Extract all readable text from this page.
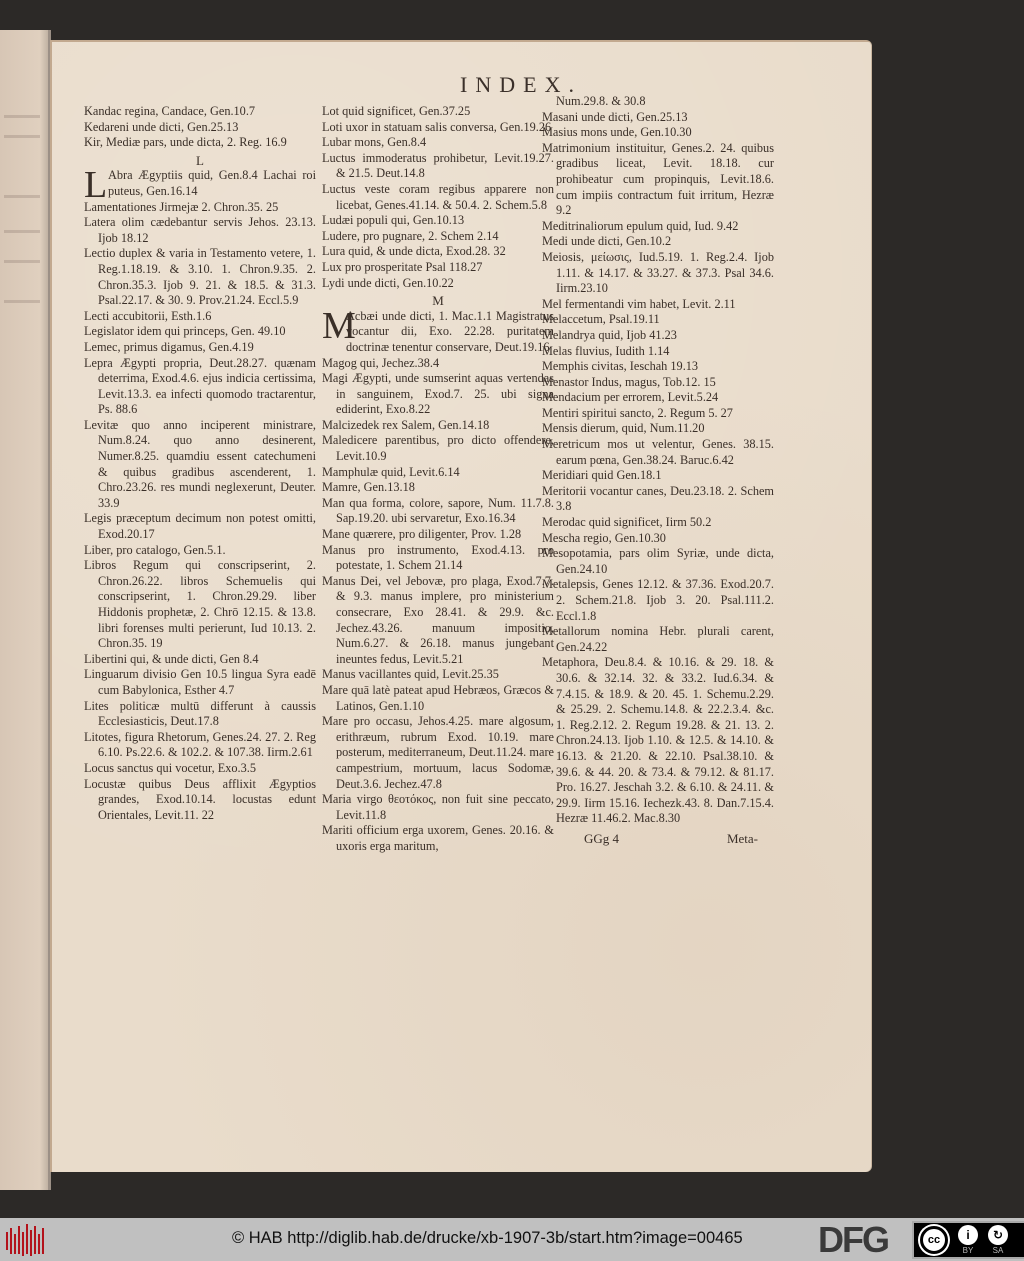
INDEX.
Kandac regina, Candace, Gen.10.7
Kedareni unde dicti, Gen.25.13
Kir, Mediæ pars, unde dicta, 2. Reg. 16.9
L
L Abra Ægyptiis quid, Gen.8.4 Lachai roi puteus, Gen.16.14
Lamentationes Jirmejæ 2. Chron.35. 25
Latera olim cædebantur servis Jehos. 23.13. Ijob 18.12
Lectio duplex & varia in Testamento vetere, 1. Reg.1.18.19. & 3.10. 1. Chron.9.35. 2. Chron.35.3. Ijob 9. 21. & 18.5. & 31.3. Psal.22.17. & 30. 9. Prov.21.24. Eccl.5.9
Lecti accubitorii, Esth.1.6
Legislator idem qui princeps, Gen. 49.10
Lemec, primus digamus, Gen.4.19
Lepra Ægypti propria, Deut.28.27. quænam deterrima, Exod.4.6. ejus indicia certissima, Levit.13.3. ea infecti quomodo tractarentur, Ps. 88.6
Levitæ quo anno inciperent ministrare, Num.8.24. quo anno desinerent, Numer.8.25. quamdiu essent catechumeni & quibus gradibus ascenderent, 1. Chro.23.26. res mundi neglexerunt, Deuter. 33.9
Legis præceptum decimum non potest omitti, Exod.20.17
Liber, pro catalogo, Gen.5.1.
Libros Regum qui conscripserint, 2. Chron.26.22. libros Schemuelis qui conscripserint, 1. Chron.29.29. liber Hiddonis prophetæ, 2. Chrō 12.15. & 13.8. libri forenses multi perierunt, Iud 10.13. 2. Chron.35. 19
Libertini qui, & unde dicti, Gen 8.4
Linguarum divisio Gen 10.5 lingua Syra eadē cum Babylonica, Esther 4.7
Lites politicæ multū differunt à caussis Ecclesiasticis, Deut.17.8
Litotes, figura Rhetorum, Genes.24. 27. 2. Reg 6.10. Ps.22.6. & 102.2. & 107.38. Iirm.2.61
Locus sanctus qui vocetur, Exo.3.5
Locustæ quibus Deus afflixit Ægyptios grandes, Exod.10.14. locustas edunt Orientales, Levit.11. 22
Lot quid significet, Gen.37.25
Loti uxor in statuam salis conversa, Gen.19.26
Lubar mons, Gen.8.4
Luctus immoderatus prohibetur, Levit.19.27. & 21.5. Deut.14.8
Luctus veste coram regibus apparere non licebat, Genes.41.14. & 50.4. 2. Schem.5.8
Ludæi populi qui, Gen.10.13
Ludere, pro pugnare, 2. Schem 2.14
Lura quid, & unde dicta, Exod.28. 32
Lux pro prosperitate Psal 118.27
Lydi unde dicti, Gen.10.22
M
M
Acbæi unde dicti, 1. Mac.1.1 Magistratus vocantur dii, Exo. 22.28. puritatem doctrinæ tenentur conservare, Deut.19.16
Magog qui, Jechez.38.4
Magi Ægypti, unde sumserint aquas vertendas in sanguinem, Exod.7. 25. ubi signa ediderint, Exo.8.22
Malcizedek rex Salem, Gen.14.18
Maledicere parentibus, pro dicto offendere, Levit.10.9
Mamphulæ quid, Levit.6.14
Mamre, Gen.13.18
Man qua forma, colore, sapore, Num. 11.7.8. Sap.19.20. ubi servaretur, Exo.16.34
Mane quærere, pro diligenter, Prov. 1.28
Manus pro instrumento, Exod.4.13. pro potestate, 1. Schem 21.14
Manus Dei, vel Jebovæ, pro plaga, Exod.7.7. & 9.3. manus implere, pro ministerium consecrare, Exo 28.41. & 29.9. &c. Jechez.43.26. manuum impositio, Num.6.27. & 26.18. manus jungebant ineuntes fedus, Levit.5.21
Manus vacillantes quid, Levit.25.35
Mare quā latè pateat apud Hebræos, Græcos & Latinos, Gen.1.10
Mare pro occasu, Jehos.4.25. mare algosum, erithræum, rubrum Exod. 10.19. mare posterum, mediterraneum, Deut.11.24. mare campestrium, mortuum, lacus Sodomæ, Deut.3.6. Jechez.47.8
Maria virgo θεοτόκος, non fuit sine peccato, Levit.11.8
Mariti officium erga uxorem, Genes. 20.16. & uxoris erga maritum,
Num.29.8. & 30.8
Masani unde dicti, Gen.25.13
Masius mons unde, Gen.10.30
Matrimonium instituitur, Genes.2. 24. quibus gradibus liceat, Levit. 18.18. cur prohibeatur cum propinquis, Levit.18.6. cum impiis contractum fuit irritum, Hezræ 9.2
Meditrinaliorum epulum quid, Iud. 9.42
Medi unde dicti, Gen.10.2
Meiosis, μείωσις, Iud.5.19. 1. Reg.2.4. Ijob 1.11. & 14.17. & 33.27. & 37.3. Psal 34.6. Iirm.23.10
Mel fermentandi vim habet, Levit. 2.11
Melaccetum, Psal.19.11
Melandrya quid, Ijob 41.23
Melas fluvius, Iudith 1.14
Memphis civitas, Ieschah 19.13
Menastor Indus, magus, Tob.12. 15
Mendacium per errorem, Levit.5.24
Mentiri spiritui sancto, 2. Regum 5. 27
Mensis dierum, quid, Num.11.20
Meretricum mos ut velentur, Genes. 38.15. earum pœna, Gen.38.24. Baruc.6.42
Meridiari quid Gen.18.1
Meritorii vocantur canes, Deu.23.18. 2. Schem 3.8
Merodac quid significet, Iirm 50.2
Mescha regio, Gen.10.30
Mesopotamia, pars olim Syriæ, unde dicta, Gen.24.10
Metalepsis, Genes 12.12. & 37.36. Exod.20.7. 2. Schem.21.8. Ijob 3. 20. Psal.111.2. Eccl.1.8
Metallorum nomina Hebr. plurali carent, Gen.24.22
Metaphora, Deu.8.4. & 10.16. & 29. 18. & 30.6. & 32.14. 32. & 33.2. Iud.6.34. & 7.4.15. & 18.9. & 20. 45. 1. Schemu.2.29. & 25.29. 2. Schemu.14.8. & 22.2.3.4. &c. 1. Reg.2.12. 2. Regum 19.28. & 21. 13. 2. Chron.24.13. Ijob 1.10. & 12.5. & 14.10. & 16.13. & 21.20. & 22.10. Psal.38.10. & 39.6. & 44. 20. & 73.4. & 79.12. & 81.17. Pro. 16.27. Jeschah 3.2. & 6.10. & 24.11. & 29.9. Iirm 15.16. Iechezk.43. 8. Dan.7.15.4. Hezræ 11.46.2. Mac.8.30
GGg 4	Meta-
© HAB http://diglib.hab.de/drucke/xb-1907-3b/start.htm?image=00465 DFG	cc	i
BY
↻
SA
